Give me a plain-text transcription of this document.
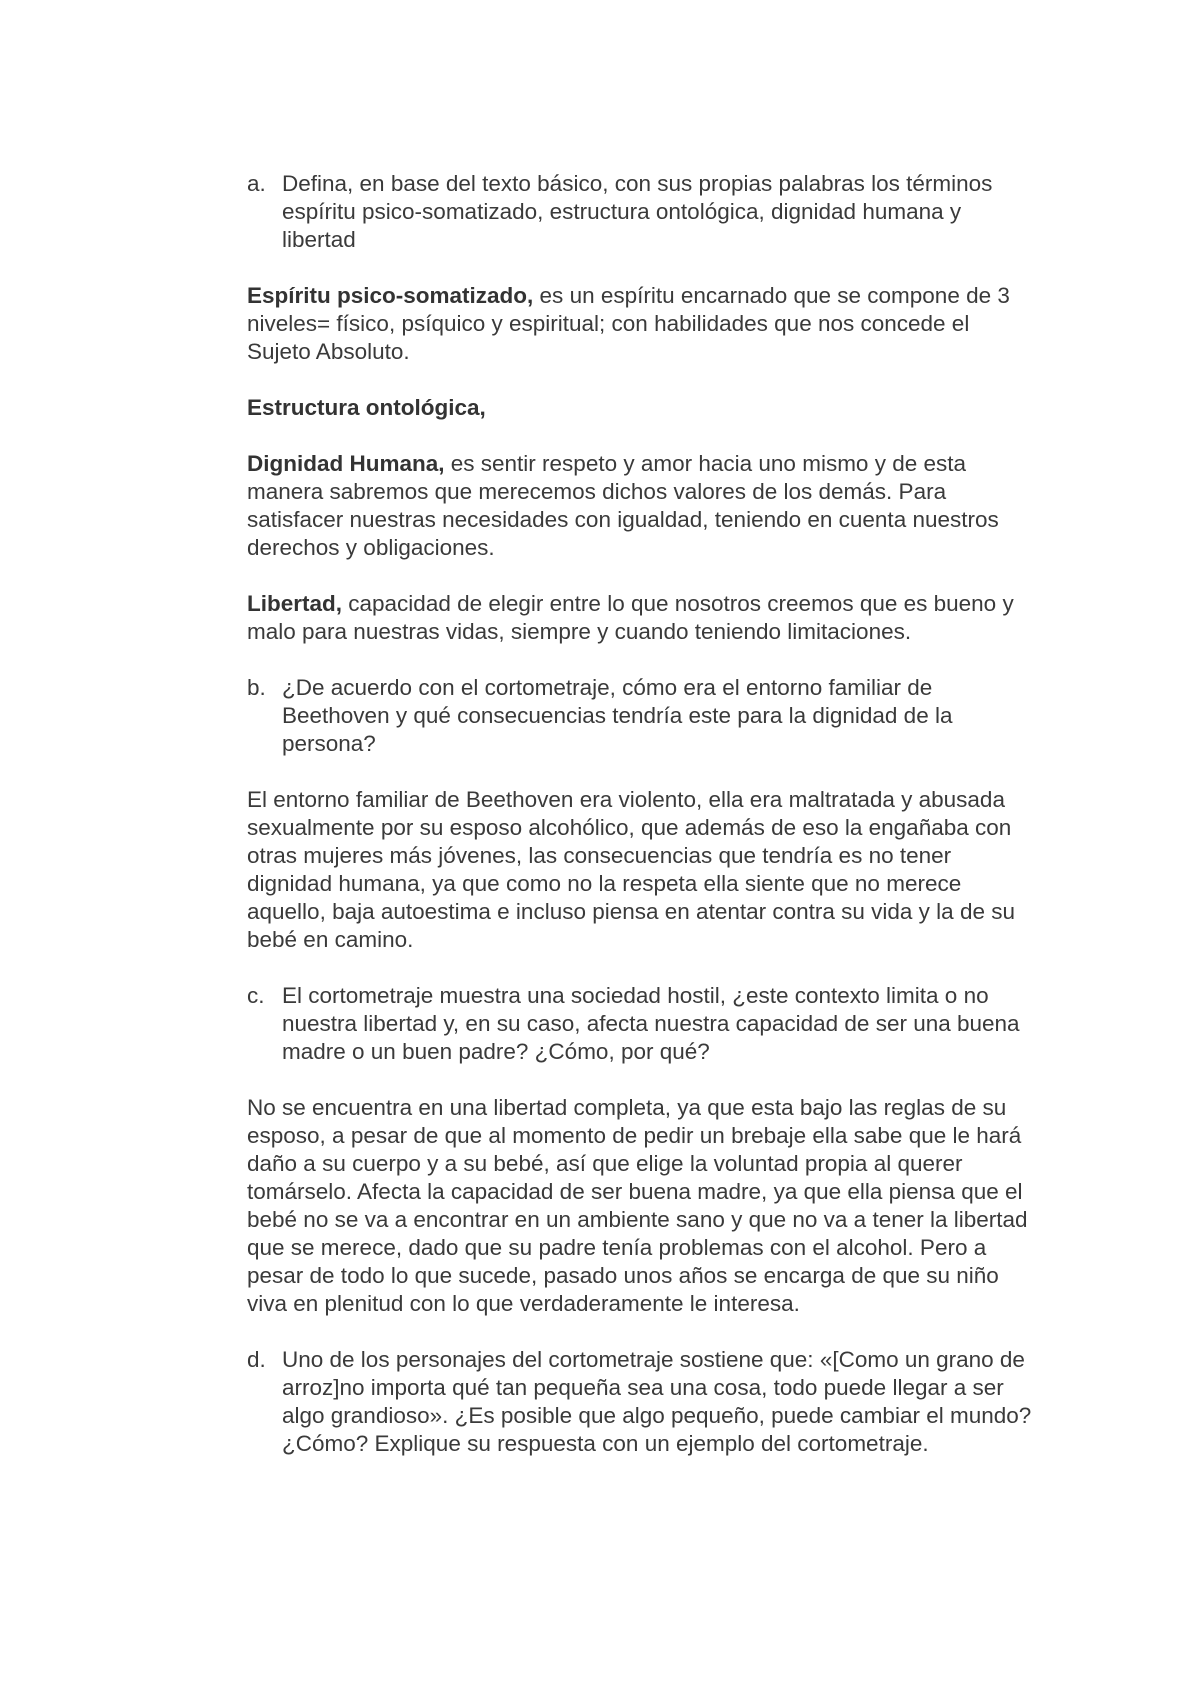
a. Defina, en base del texto básico, con sus propias palabras los términos espíritu psico-somatizado, estructura ontológica, dignidad humana y libertad

Espíritu psico-somatizado, es un espíritu encarnado que se compone de 3 niveles= físico, psíquico y espiritual; con habilidades que nos concede el Sujeto Absoluto.

Estructura ontológica,

Dignidad Humana, es sentir respeto y amor hacia uno mismo y de esta manera sabremos que merecemos dichos valores de los demás. Para satisfacer nuestras necesidades con igualdad, teniendo en cuenta nuestros derechos y obligaciones.

Libertad, capacidad de elegir entre lo que nosotros creemos que es bueno y malo para nuestras vidas, siempre y cuando teniendo limitaciones.

b. ¿De acuerdo con el cortometraje, cómo era el entorno familiar de Beethoven y qué consecuencias tendría este para la dignidad de la persona?

El entorno familiar de Beethoven era violento, ella era maltratada y abusada sexualmente por su esposo alcohólico, que además de eso la engañaba con otras mujeres más jóvenes, las consecuencias que tendría es no tener dignidad humana, ya que como no la respeta ella siente que no merece aquello, baja autoestima e incluso piensa en atentar contra su vida y la de su bebé en camino.

c. El cortometraje muestra una sociedad hostil, ¿este contexto limita o no nuestra libertad y, en su caso, afecta nuestra capacidad de ser una buena madre o un buen padre? ¿Cómo, por qué?

No se encuentra en una libertad completa, ya que esta bajo las reglas de su esposo, a pesar de que al momento de pedir un brebaje ella sabe que le hará daño a su cuerpo y a su bebé, así que elige la voluntad propia al querer tomárselo. Afecta la capacidad de ser buena madre, ya que ella piensa que el bebé no se va a encontrar en un ambiente sano y que no va a tener la libertad que se merece, dado que su padre tenía problemas con el alcohol. Pero a pesar de todo lo que sucede, pasado unos años se encarga de que su niño viva en plenitud con lo que verdaderamente le interesa.

d. Uno de los personajes del cortometraje sostiene que: «[Como un grano de arroz]no importa qué tan pequeña sea una cosa, todo puede llegar a ser algo grandioso». ¿Es posible que algo pequeño, puede cambiar el mundo? ¿Cómo? Explique su respuesta con un ejemplo del cortometraje.
